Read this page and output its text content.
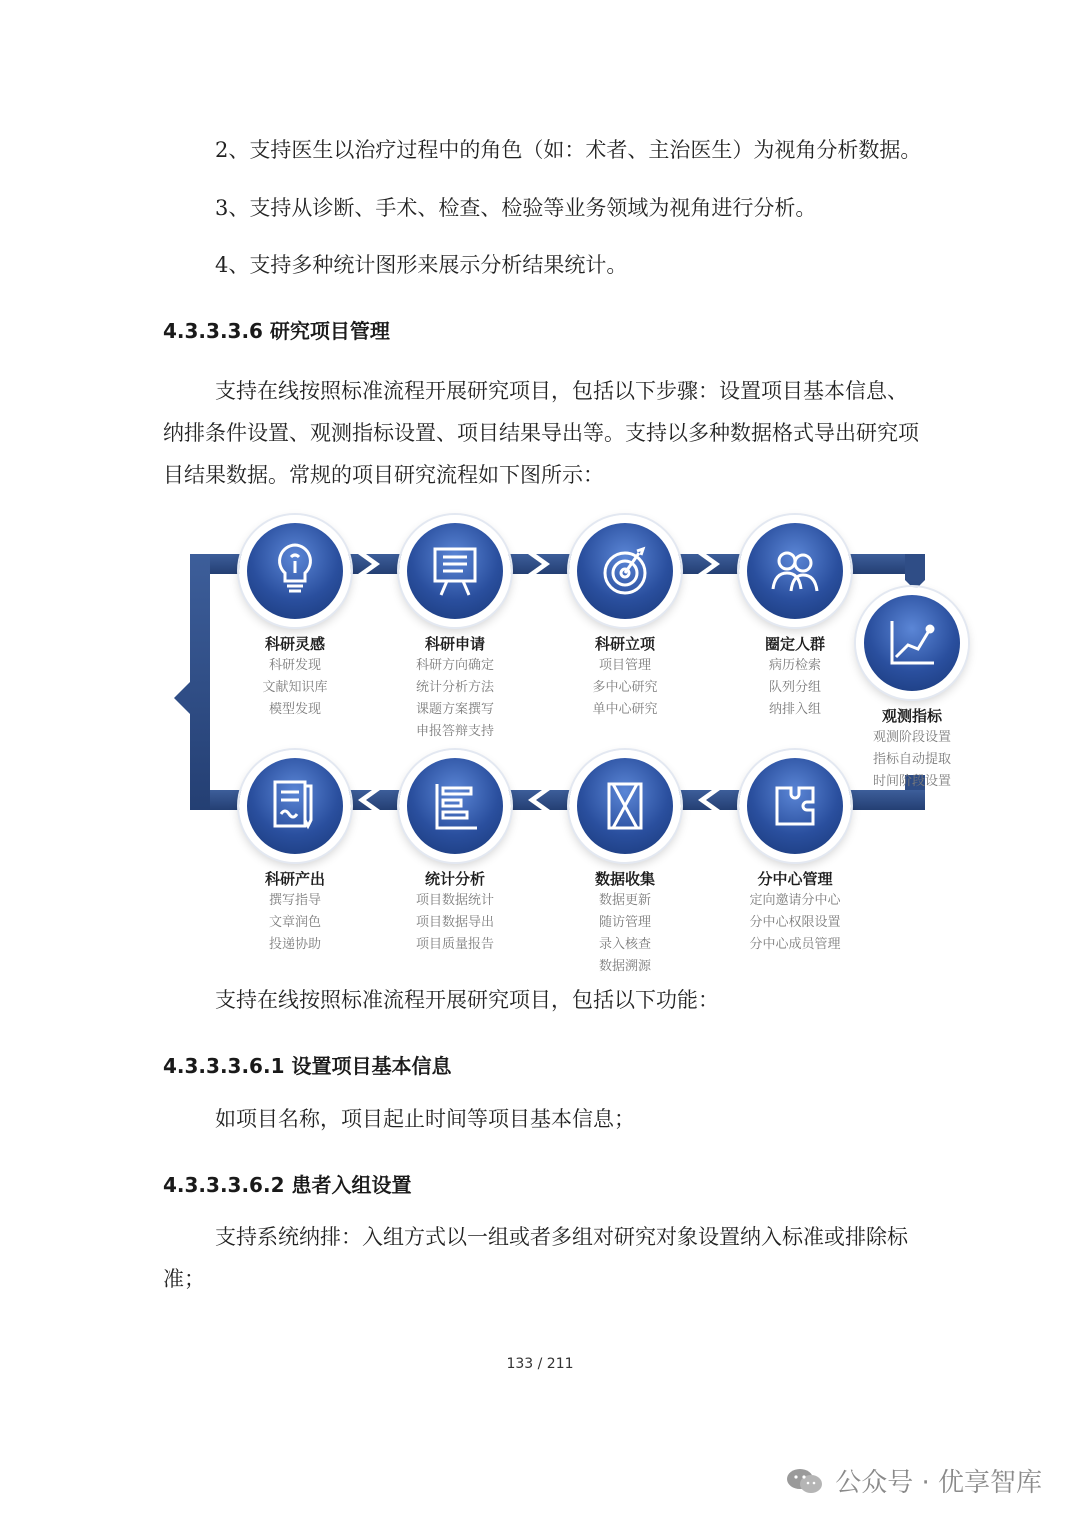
2、支持医生以治疗过程中的角色（如：术者、主治医生）为视角分析数据。

3、支持从诊断、手术、检查、检验等业务领域为视角进行分析。

4、支持多种统计图形来展示分析结果统计。

4.3.3.3.6 研究项目管理

支持在线按照标准流程开展研究项目，包括以下步骤：设置项目基本信息、纳排条件设置、观测指标设置、项目结果导出等。支持以多种数据格式导出研究项目结果数据。常规的项目研究流程如下图所示：

科研灵感
科研发现
文献知识库
模型发现
科研申请
科研方向确定
统计分析方法
课题方案撰写
申报答辩支持
科研立项
项目管理
多中心研究
单中心研究
圈定人群
病历检索
队列分组
纳排入组	观测指标
观测阶段设置
指标自动提取
时间阶段设置
分中心管理
定向邀请分中心
分中心权限设置
分中心成员管理
数据收集
数据更新
随访管理
录入核查
数据溯源
统计分析
项目数据统计
项目数据导出
项目质量报告
科研产出
撰写指导
文章润色
投递协助

支持在线按照标准流程开展研究项目，包括以下功能：

4.3.3.3.6.1 设置项目基本信息

如项目名称，项目起止时间等项目基本信息；

4.3.3.3.6.2 患者入组设置

支持系统纳排：入组方式以一组或者多组对研究对象设置纳入标准或排除标准；

133 / 211
公众号 · 优享智库
